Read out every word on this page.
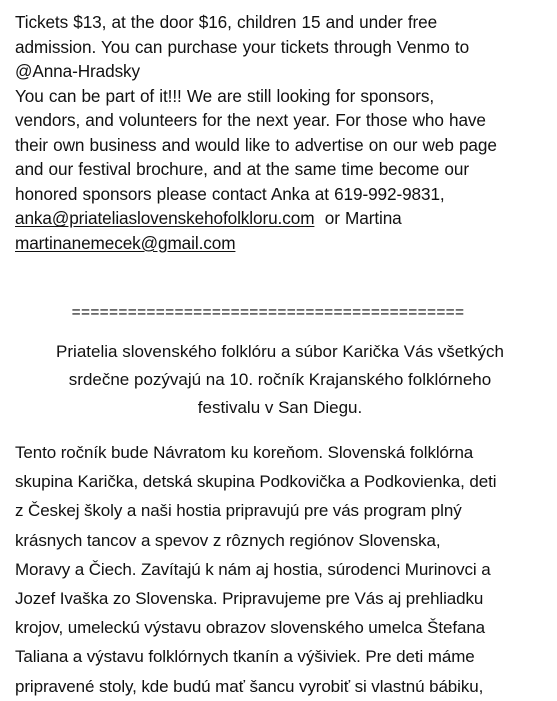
Tickets $13, at the door $16, children 15 and under free
admission. You can purchase your tickets through Venmo to
@Anna-Hradsky

You can be part of it!!! We are still looking for sponsors,
vendors, and volunteers for the next year. For those who have
their own business and would like to advertise on our web page
and our festival brochure, and at the same time become our
honored sponsors please contact Anka at 619-992-9831,
anka@priateliaslovenskehofolkloru.com or Martina
martinanemecek@gmail.com

==========================================

Priatelia slovenského folklóru a súbor Karička Vás všetkých
srdečne pozývajú na 10. ročník Krajanského folklórneho
festivalu v San Diegu.

Tento ročník bude Návratom ku koreňom. Slovenská folklórna
skupina Karička, detská skupina Podkovička a Podkovienka, deti
z Českej školy a naši hostia pripravujú pre vás program plný
krásnych tancov a spevov z rôznych regiónov Slovenska,
Moravy a Čiech. Zavítajú k nám aj hostia, súrodenci Murinovci a
Jozef Ivaška zo Slovenska. Pripravujeme pre Vás aj prehliadku
krojov, umeleckú výstavu obrazov slovenského umelca Štefana
Taliana a výstavu folklórnych tkanín a výšiviek. Pre deti máme
pripravené stoly, kde budú mať šancu vyrobiť si vlastnú bábiku,
